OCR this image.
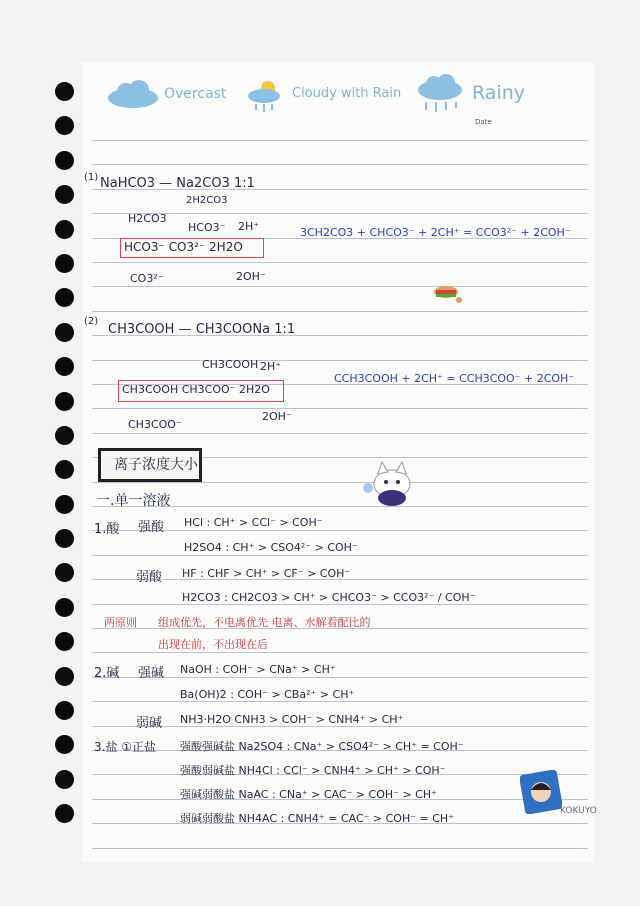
Overcast	Cloudy with Rain	Rainy
Date
(1) NaHCO3 — Na2CO3 1:1
2H2CO3
H2CO3
HCO3⁻ 2H⁺
HCO3⁻ CO3²⁻ 2H2O
CO3²⁻	2OH⁻
3CH2CO3 + CHCO3⁻ + 2CH⁺ = CCO3²⁻ + 2COH⁻
(2)
CH3COOH — CH3COONa 1:1
CH3COOH 2H⁺
CH3COOH CH3COO⁻ 2H2O
CH3COO⁻
2OH⁻
CCH3COOH + 2CH⁺ = CCH3COO⁻ + 2COH⁻
离子浓度大小
一.单一溶液
1.酸 强酸 HCl : CH⁺ > CCl⁻ > COH⁻
H2SO4 : CH⁺ > CSO4²⁻ > COH⁻
弱酸 HF : CHF > CH⁺ > CF⁻ > COH⁻
H2CO3 : CH2CO3 > CH⁺ > CHCO3⁻ > CCO3²⁻ / COH⁻
两原则 组成优先，不电离优先 电离、水解看配比的
出现在前，不出现在后
2.碱 强碱 NaOH : COH⁻ > CNa⁺ > CH⁺
Ba(OH)2 : COH⁻ > CBa²⁺ > CH⁺
弱碱 NH3·H2O CNH3 > COH⁻ > CNH4⁺ > CH⁺
3.盐 ①正盐 强酸强碱盐 Na2SO4 : CNa⁺ > CSO4²⁻ > CH⁺ = COH⁻
强酸弱碱盐 NH4Cl : CCl⁻ > CNH4⁺ > CH⁺ > COH⁻
强碱弱酸盐 NaAC : CNa⁺ > CAC⁻ > COH⁻ > CH⁺
弱碱弱酸盐 NH4AC : CNH4⁺ = CAC⁻ > COH⁻ = CH⁺
KOKUYO
